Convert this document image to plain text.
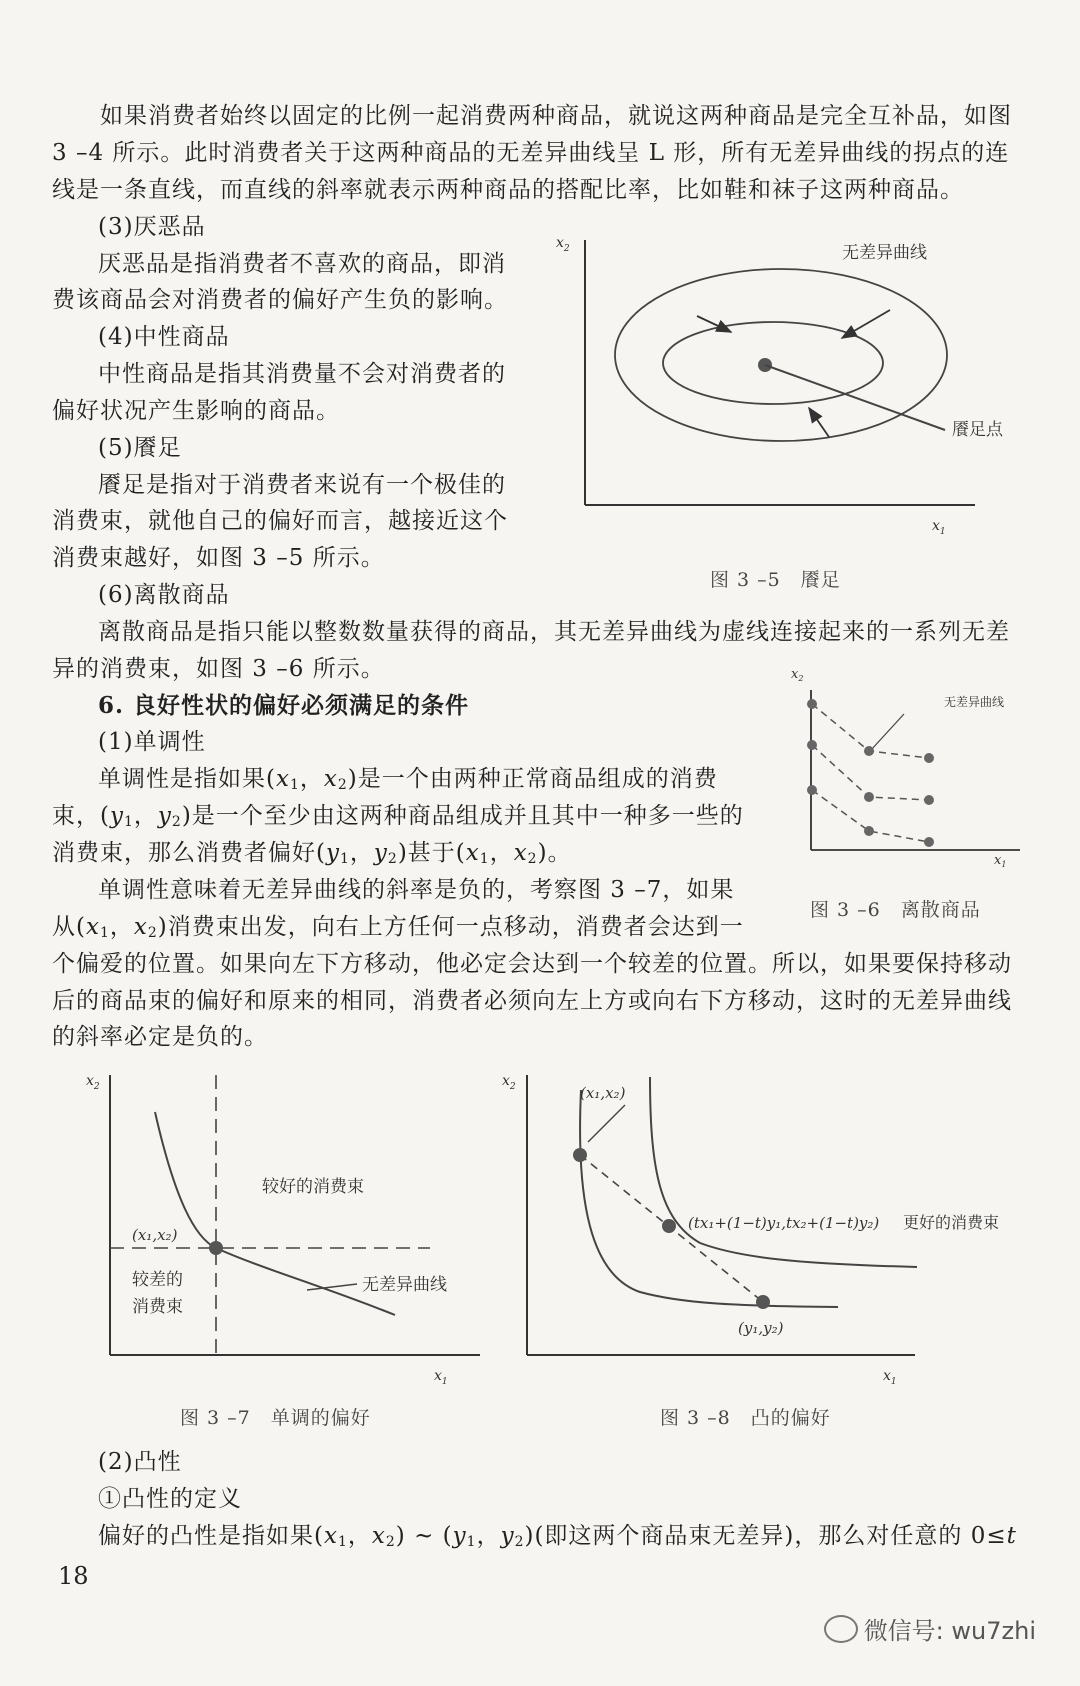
如果消费者始终以固定的比例一起消费两种商品，就说这两种商品是完全互补品，如图
3 –4 所示。此时消费者关于这两种商品的无差异曲线呈 L 形，所有无差异曲线的拐点的连
线是一条直线，而直线的斜率就表示两种商品的搭配比率，比如鞋和袜子这两种商品。
(3)厌恶品
厌恶品是指消费者不喜欢的商品，即消
费该商品会对消费者的偏好产生负的影响。
(4)中性商品
中性商品是指其消费量不会对消费者的
偏好状况产生影响的商品。
(5)餍足
餍足是指对于消费者来说有一个极佳的
消费束，就他自己的偏好而言，越接近这个
消费束越好，如图 3 –5 所示。
(6)离散商品
离散商品是指只能以整数数量获得的商品，其无差异曲线为虚线连接起来的一系列无差
异的消费束，如图 3 –6 所示。
6. 良好性状的偏好必须满足的条件
(1)单调性
单调性是指如果($x_1$，$x_2$)是一个由两种正常商品组成的消费
束，($y_1$，$y_2$)是一个至少由这两种商品组成并且其中一种多一些的
消费束，那么消费者偏好($y_1$，$y_2$)甚于($x_1$，$x_2$)。
单调性意味着无差异曲线的斜率是负的，考察图 3 –7，如果
从($x_1$，$x_2$)消费束出发，向右上方任何一点移动，消费者会达到一
个偏爱的位置。如果向左下方移动，他必定会达到一个较差的位置。所以，如果要保持移动
后的商品束的偏好和原来的相同，消费者必须向左上方或向右下方移动，这时的无差异曲线
的斜率必定是负的。
(2)凸性
①凸性的定义
偏好的凸性是指如果($x_1$，$x_2$) ~ ($y_1$，$y_2$)(即这两个商品束无差异)，那么对任意的 0≤t
$x_2$
$x_1$
无差异曲线
餍足点
$x_2$
$x_1$
无差异曲线
$x_2$
$x_1$
(x₁,x₂)
较好的消费束
较差的
消费束
无差异曲线
$x_2$
$x_1$
(x₁,x₂)
(y₁,y₂)
(tx₁+(1−t)y₁,tx₂+(1−t)y₂) 更好的消费束
图 3 –5　餍足
图 3 –6　离散商品
图 3 –7　单调的偏好	图 3 –8　凸的偏好
18
微信号: wu7zhi
